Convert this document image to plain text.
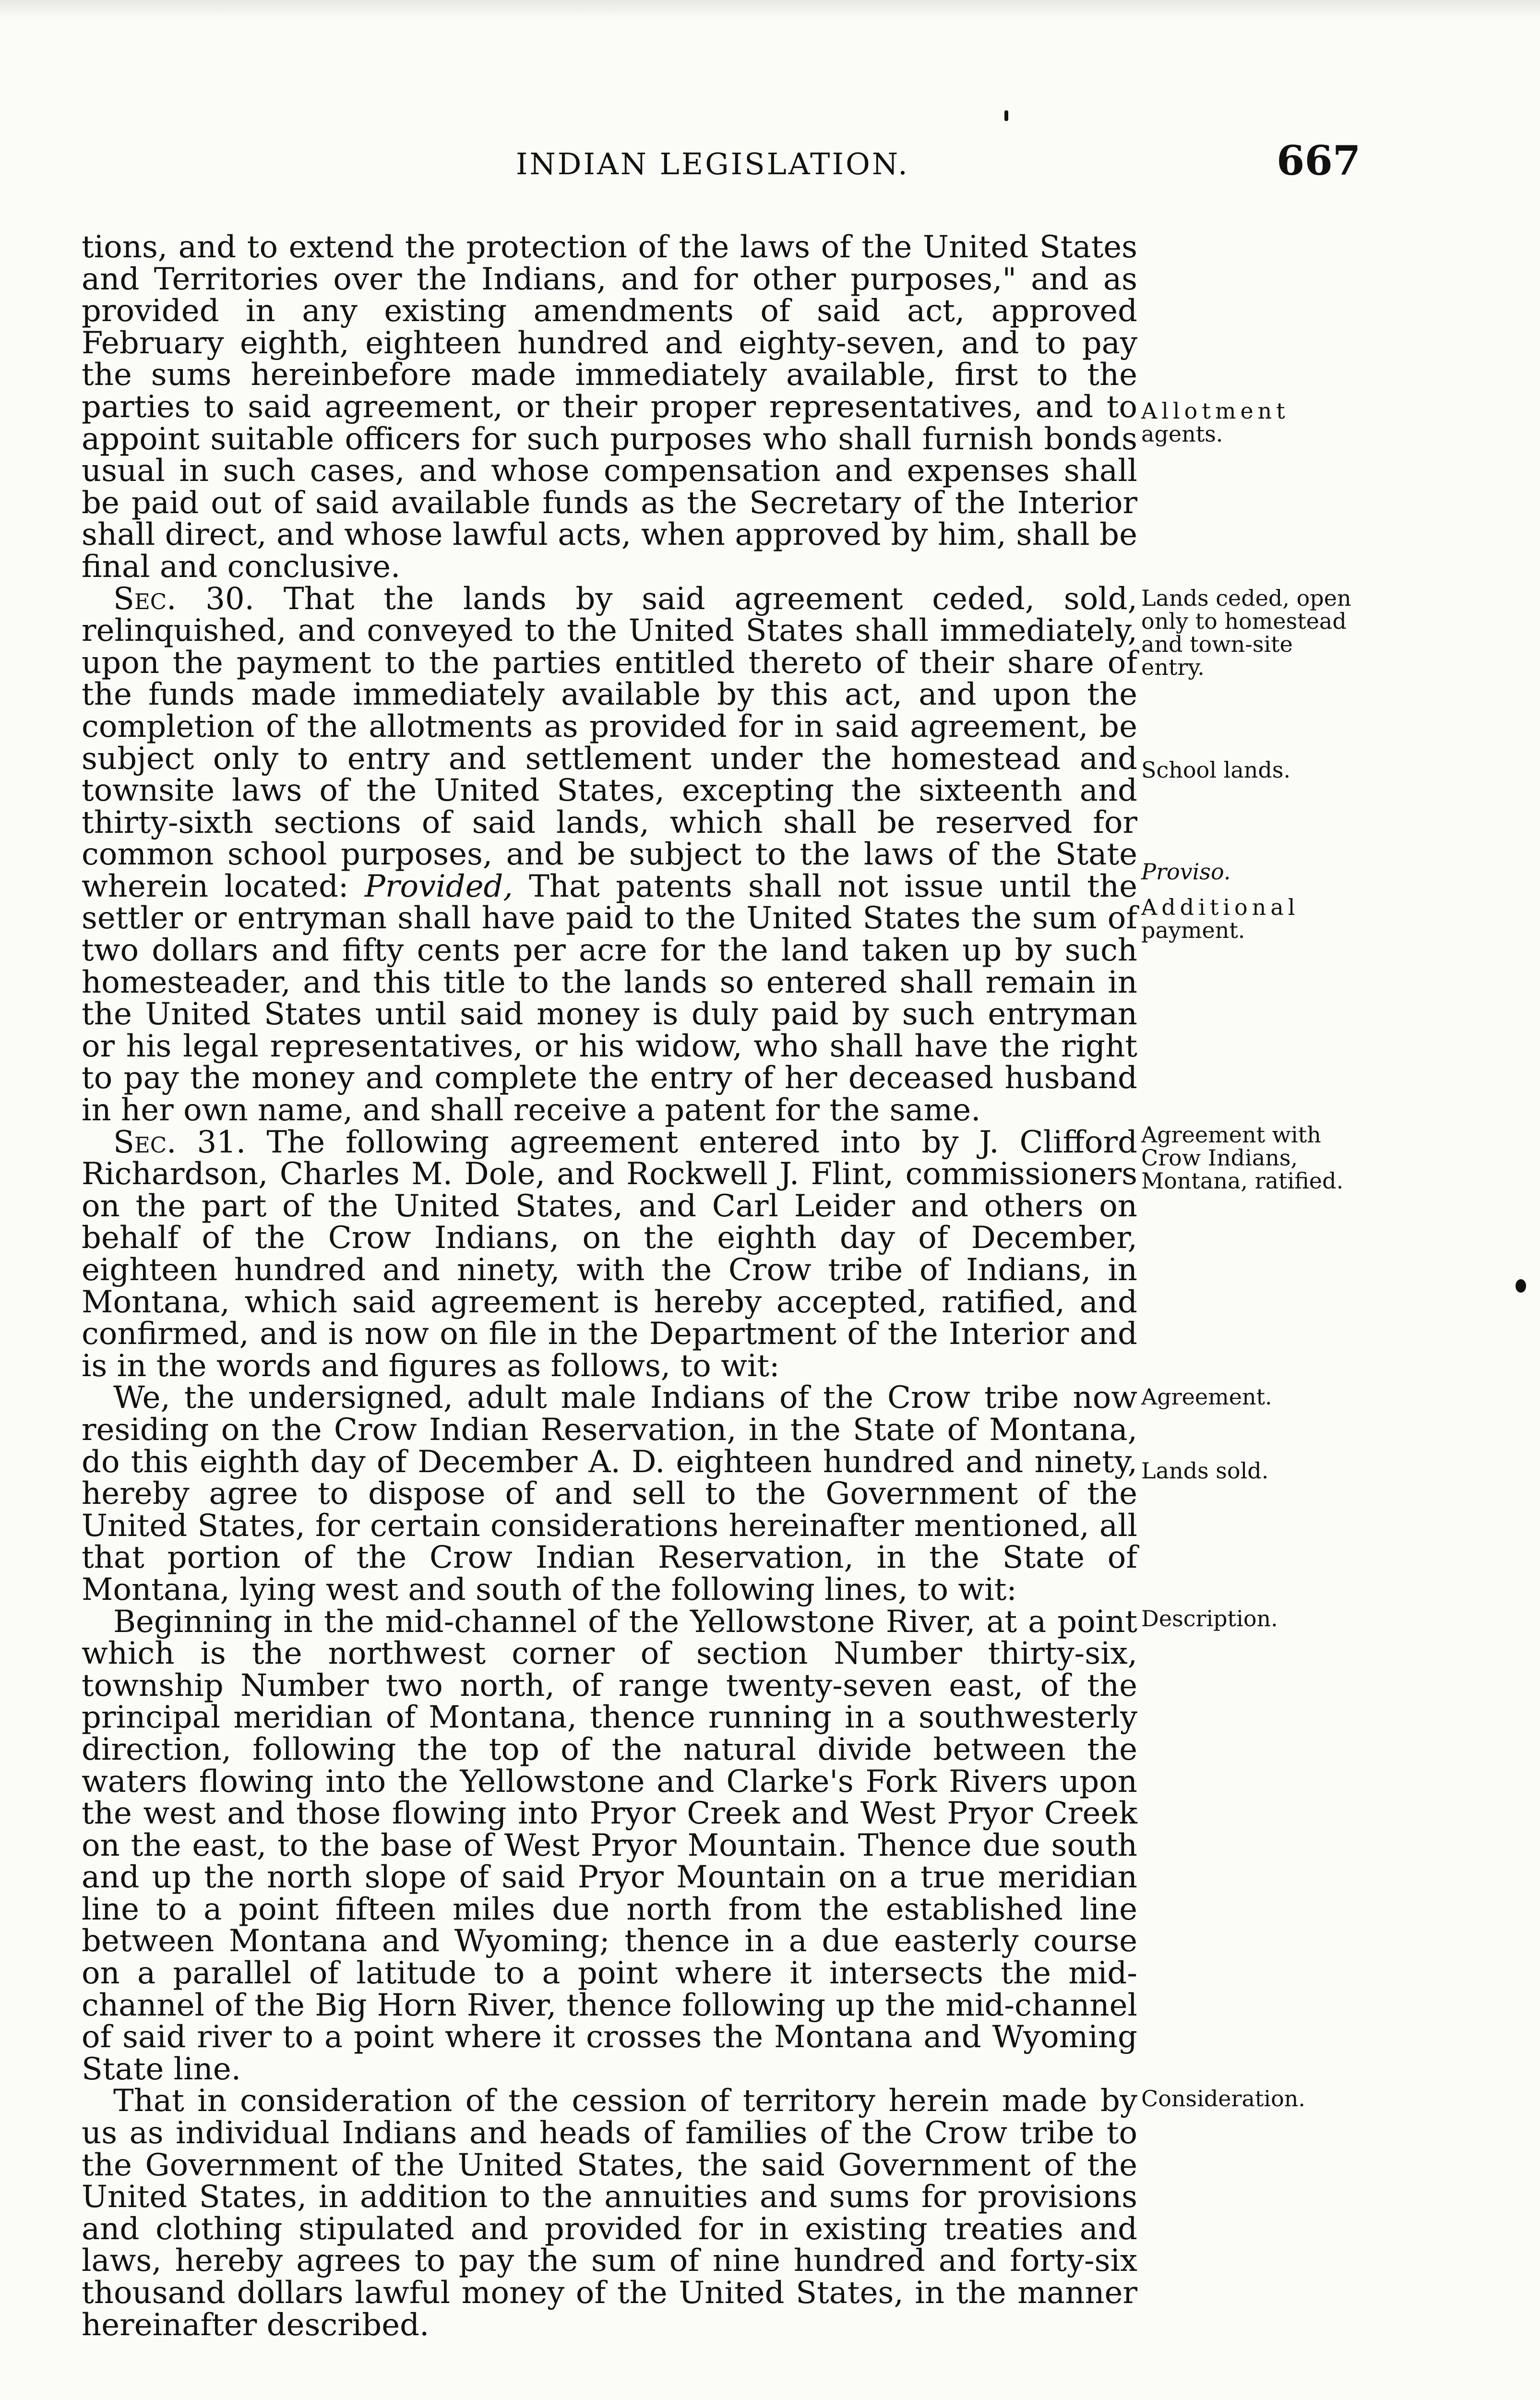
INDIAN LEGISLATION.	667

tions, and to extend the protection of the laws of the United States and Territories over the Indians, and for other purposes," and as provided in any existing amendments of said act, approved February eighth, eighteen hundred and eighty-seven, and to pay the sums hereinbefore made immediately available, first to the parties to said agreement, or their proper representatives, and to appoint suitable officers for such purposes who shall furnish bonds usual in such cases, and whose compensation and expenses shall be paid out of said available funds as the Secretary of the Interior shall direct, and whose lawful acts, when approved by him, shall be final and conclusive.

Sec. 30. That the lands by said agreement ceded, sold, relinquished, and conveyed to the United States shall immediately, upon the payment to the parties entitled thereto of their share of the funds made immediately available by this act, and upon the completion of the allotments as provided for in said agreement, be subject only to entry and settlement under the homestead and townsite laws of the United States, excepting the sixteenth and thirty-sixth sections of said lands, which shall be reserved for common school purposes, and be subject to the laws of the State wherein located: Provided, That patents shall not issue until the settler or entryman shall have paid to the United States the sum of two dollars and fifty cents per acre for the land taken up by such homesteader, and this title to the lands so entered shall remain in the United States until said money is duly paid by such entryman or his legal representatives, or his widow, who shall have the right to pay the money and complete the entry of her deceased husband in her own name, and shall receive a patent for the same.

Sec. 31. The following agreement entered into by J. Clifford Richardson, Charles M. Dole, and Rockwell J. Flint, commissioners on the part of the United States, and Carl Leider and others on behalf of the Crow Indians, on the eighth day of December, eighteen hundred and ninety, with the Crow tribe of Indians, in Montana, which said agreement is hereby accepted, ratified, and confirmed, and is now on file in the Department of the Interior and is in the words and figures as follows, to wit:

We, the undersigned, adult male Indians of the Crow tribe now residing on the Crow Indian Reservation, in the State of Montana, do this eighth day of December A. D. eighteen hundred and ninety, hereby agree to dispose of and sell to the Government of the United States, for certain considerations hereinafter mentioned, all that portion of the Crow Indian Reservation, in the State of Montana, lying west and south of the following lines, to wit:

Beginning in the mid-channel of the Yellowstone River, at a point which is the northwest corner of section Number thirty-six, township Number two north, of range twenty-seven east, of the principal meridian of Montana, thence running in a southwesterly direction, following the top of the natural divide between the waters flowing into the Yellowstone and Clarke's Fork Rivers upon the west and those flowing into Pryor Creek and West Pryor Creek on the east, to the base of West Pryor Mountain. Thence due south and up the north slope of said Pryor Mountain on a true meridian line to a point fifteen miles due north from the established line between Montana and Wyoming; thence in a due easterly course on a parallel of latitude to a point where it intersects the mid-channel of the Big Horn River, thence following up the mid-channel of said river to a point where it crosses the Montana and Wyoming State line.

That in consideration of the cession of territory herein made by us as individual Indians and heads of families of the Crow tribe to the Government of the United States, the said Government of the United States, in addition to the annuities and sums for provisions and clothing stipulated and provided for in existing treaties and laws, hereby agrees to pay the sum of nine hundred and forty-six thousand dollars lawful money of the United States, in the manner hereinafter described.

Allotment
agents.

Lands ceded, open only to homestead and town-site entry.

School lands.

Proviso.

Additional
payment.

Agreement with Crow Indians, Montana, ratified.

Agreement.

Lands sold.

Description.

Consideration.
